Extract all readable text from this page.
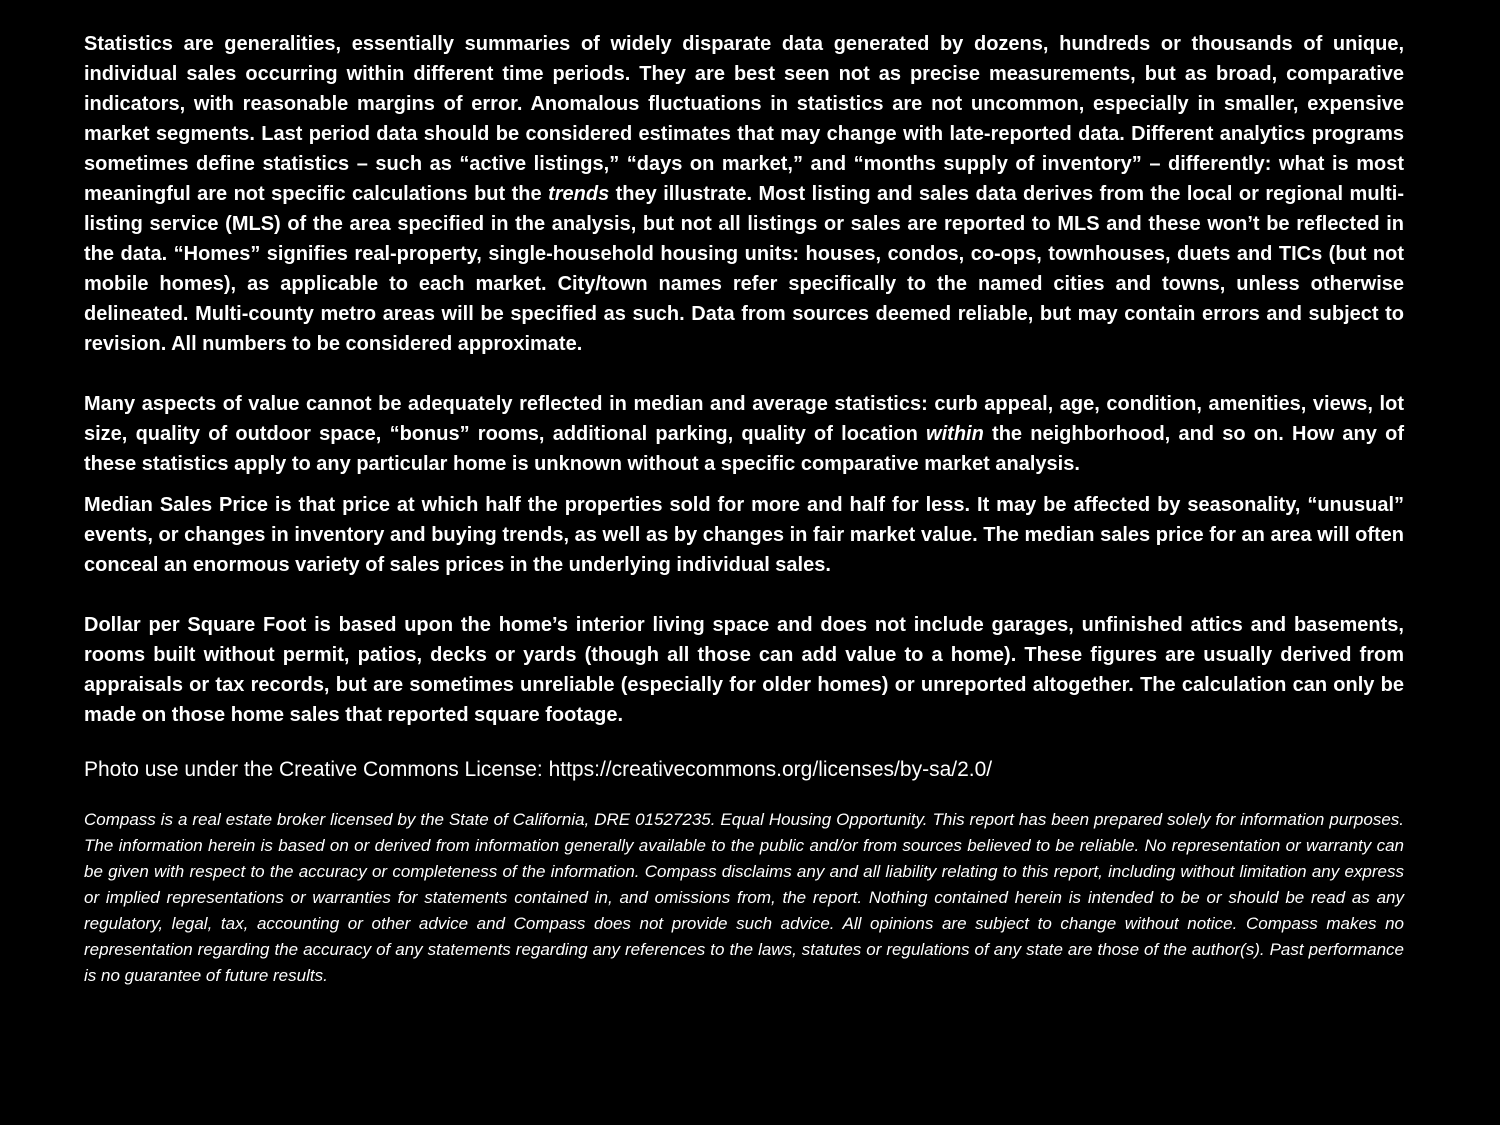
Statistics are generalities, essentially summaries of widely disparate data generated by dozens, hundreds or thousands of unique, individual sales occurring within different time periods. They are best seen not as precise measurements, but as broad, comparative indicators, with reasonable margins of error. Anomalous fluctuations in statistics are not uncommon, especially in smaller, expensive market segments. Last period data should be considered estimates that may change with late-reported data. Different analytics programs sometimes define statistics – such as “active listings,” “days on market,” and “months supply of inventory” – differently: what is most meaningful are not specific calculations but the trends they illustrate. Most listing and sales data derives from the local or regional multi-listing service (MLS) of the area specified in the analysis, but not all listings or sales are reported to MLS and these won’t be reflected in the data. “Homes” signifies real-property, single-household housing units: houses, condos, co-ops, townhouses, duets and TICs (but not mobile homes), as applicable to each market. City/town names refer specifically to the named cities and towns, unless otherwise delineated. Multi-county metro areas will be specified as such. Data from sources deemed reliable, but may contain errors and subject to revision. All numbers to be considered approximate.

Many aspects of value cannot be adequately reflected in median and average statistics: curb appeal, age, condition, amenities, views, lot size, quality of outdoor space, “bonus” rooms, additional parking, quality of location within the neighborhood, and so on. How any of these statistics apply to any particular home is unknown without a specific comparative market analysis.

Median Sales Price is that price at which half the properties sold for more and half for less. It may be affected by seasonality, “unusual” events, or changes in inventory and buying trends, as well as by changes in fair market value. The median sales price for an area will often conceal an enormous variety of sales prices in the underlying individual sales.

Dollar per Square Foot is based upon the home’s interior living space and does not include garages, unfinished attics and basements, rooms built without permit, patios, decks or yards (though all those can add value to a home). These figures are usually derived from appraisals or tax records, but are sometimes unreliable (especially for older homes) or unreported altogether. The calculation can only be made on those home sales that reported square footage.

Photo use under the Creative Commons License: https://creativecommons.org/licenses/by-sa/2.0/

Compass is a real estate broker licensed by the State of California, DRE 01527235. Equal Housing Opportunity. This report has been prepared solely for information purposes. The information herein is based on or derived from information generally available to the public and/or from sources believed to be reliable. No representation or warranty can be given with respect to the accuracy or completeness of the information. Compass disclaims any and all liability relating to this report, including without limitation any express or implied representations or warranties for statements contained in, and omissions from, the report. Nothing contained herein is intended to be or should be read as any regulatory, legal, tax, accounting or other advice and Compass does not provide such advice. All opinions are subject to change without notice. Compass makes no representation regarding the accuracy of any statements regarding any references to the laws, statutes or regulations of any state are those of the author(s). Past performance is no guarantee of future results.
